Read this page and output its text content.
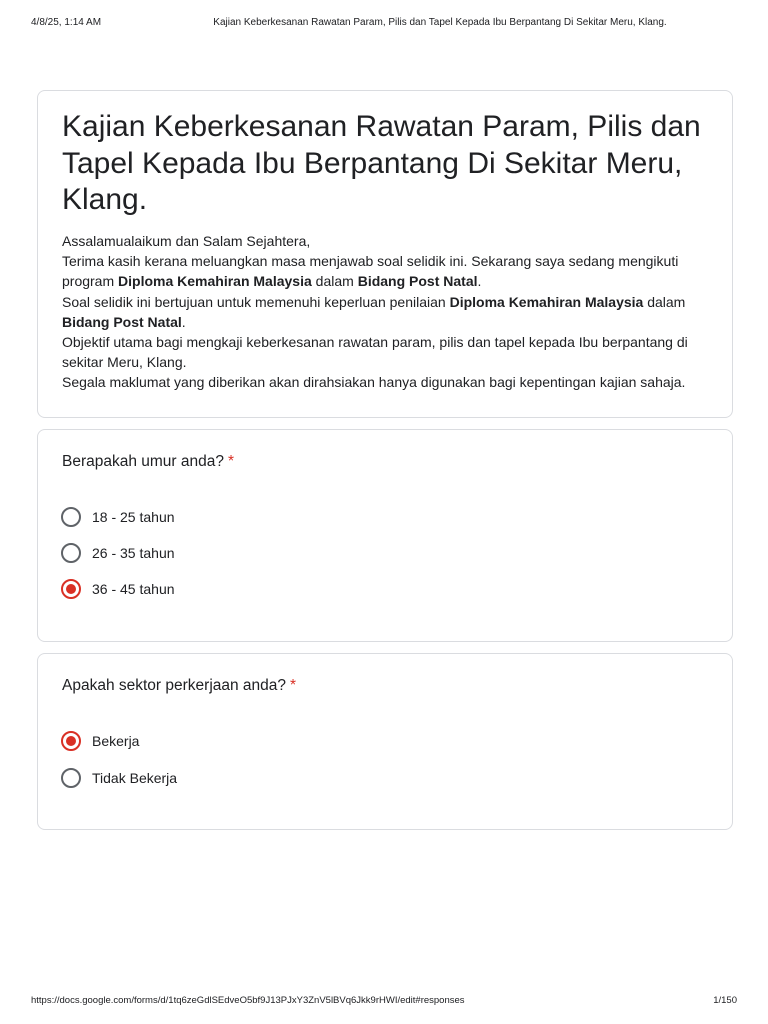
4/8/25, 1:14 AM	Kajian Keberkesanan Rawatan Param, Pilis dan Tapel Kepada Ibu Berpantang Di Sekitar Meru, Klang.
Kajian Keberkesanan Rawatan Param, Pilis dan Tapel Kepada Ibu Berpantang Di Sekitar Meru, Klang.

Assalamualaikum dan Salam Sejahtera,

Terima kasih kerana meluangkan masa menjawab soal selidik ini. Sekarang saya sedang mengikuti program Diploma Kemahiran Malaysia dalam Bidang Post Natal.

Soal selidik ini bertujuan untuk memenuhi keperluan penilaian Diploma Kemahiran Malaysia dalam Bidang Post Natal.

Objektif utama bagi mengkaji keberkesanan rawatan param, pilis dan tapel kepada Ibu berpantang di sekitar Meru, Klang.

Segala maklumat yang diberikan akan dirahsiakan hanya digunakan bagi kepentingan kajian sahaja.

Berapakah umur anda? *
18 - 25 tahun
26 - 35 tahun
36 - 45 tahun
Apakah sektor perkerjaan anda? *
Bekerja
Tidak Bekerja
https://docs.google.com/forms/d/1tq6zeGdlSEdveO5bf9J13PJxY3ZnV5lBVq6Jkk9rHWI/edit#responses	1/150
